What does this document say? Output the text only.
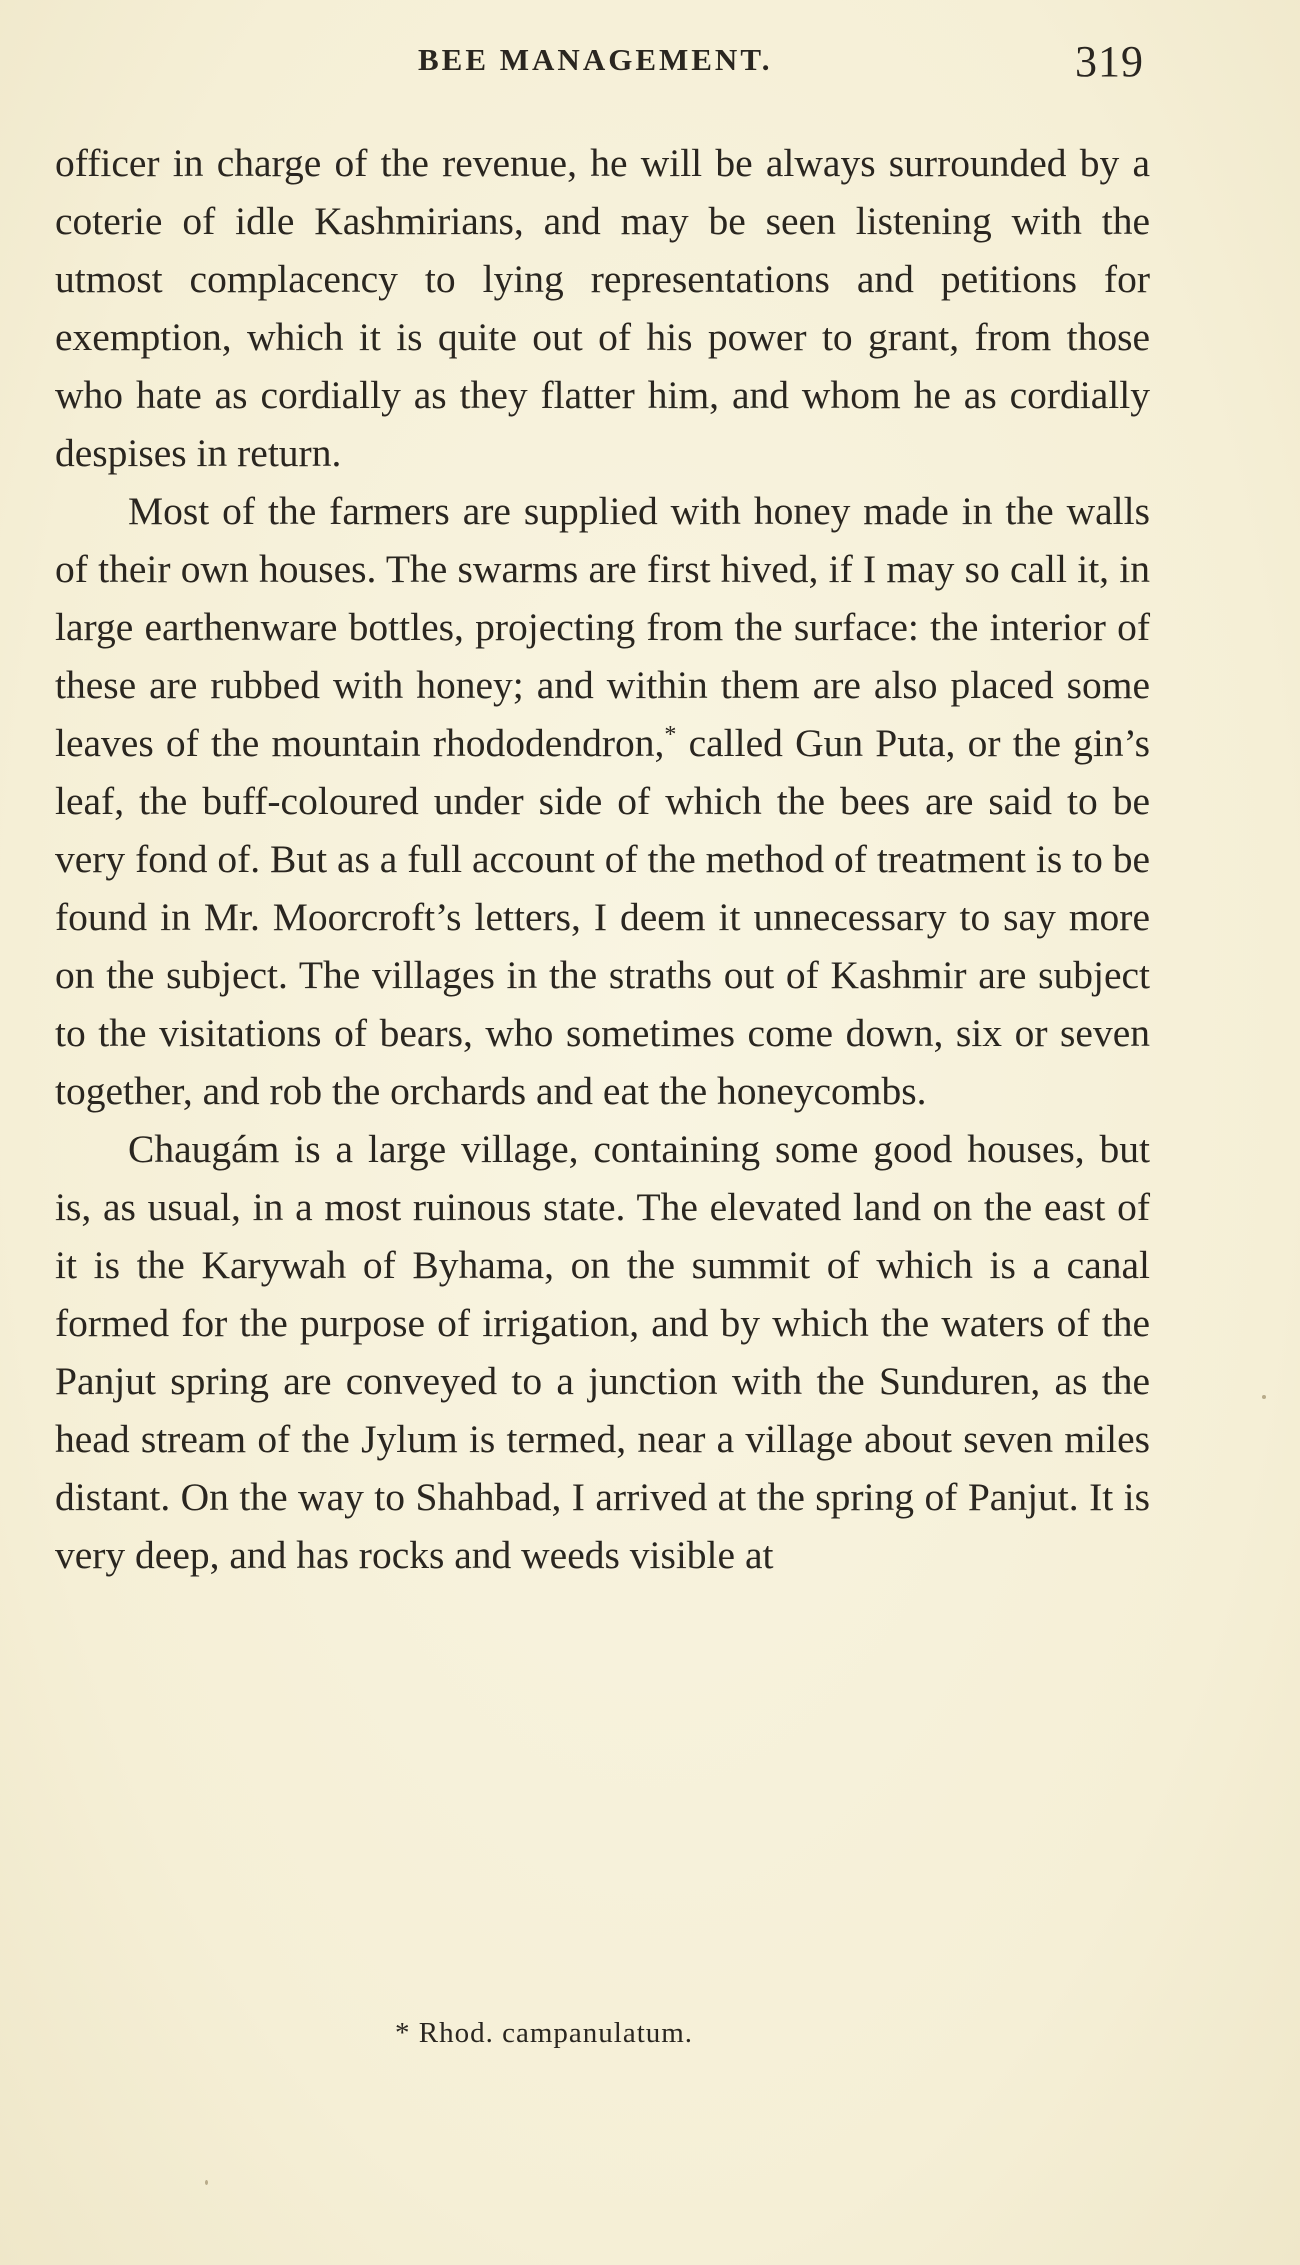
BEE MANAGEMENT.	319

officer in charge of the revenue, he will be always surrounded by a coterie of idle Kashmirians, and may be seen listening with the utmost complacency to lying representations and petitions for exemption, which it is quite out of his power to grant, from those who hate as cordially as they flatter him, and whom he as cordially despises in return.

Most of the farmers are supplied with honey made in the walls of their own houses. The swarms are first hived, if I may so call it, in large earthenware bottles, projecting from the surface: the interior of these are rubbed with honey; and within them are also placed some leaves of the mountain rhododendron,* called Gun Puta, or the gin’s leaf, the buff-coloured under side of which the bees are said to be very fond of. But as a full account of the method of treatment is to be found in Mr. Moorcroft’s letters, I deem it unnecessary to say more on the subject. The villages in the straths out of Kashmir are subject to the visitations of bears, who sometimes come down, six or seven together, and rob the orchards and eat the honeycombs.

Chaugám is a large village, containing some good houses, but is, as usual, in a most ruinous state. The elevated land on the east of it is the Karywah of Byhama, on the summit of which is a canal formed for the purpose of irrigation, and by which the waters of the Panjut spring are conveyed to a junction with the Sunduren, as the head stream of the Jylum is termed, near a village about seven miles distant. On the way to Shahbad, I arrived at the spring of Panjut. It is very deep, and has rocks and weeds visible at

* Rhod. campanulatum.
